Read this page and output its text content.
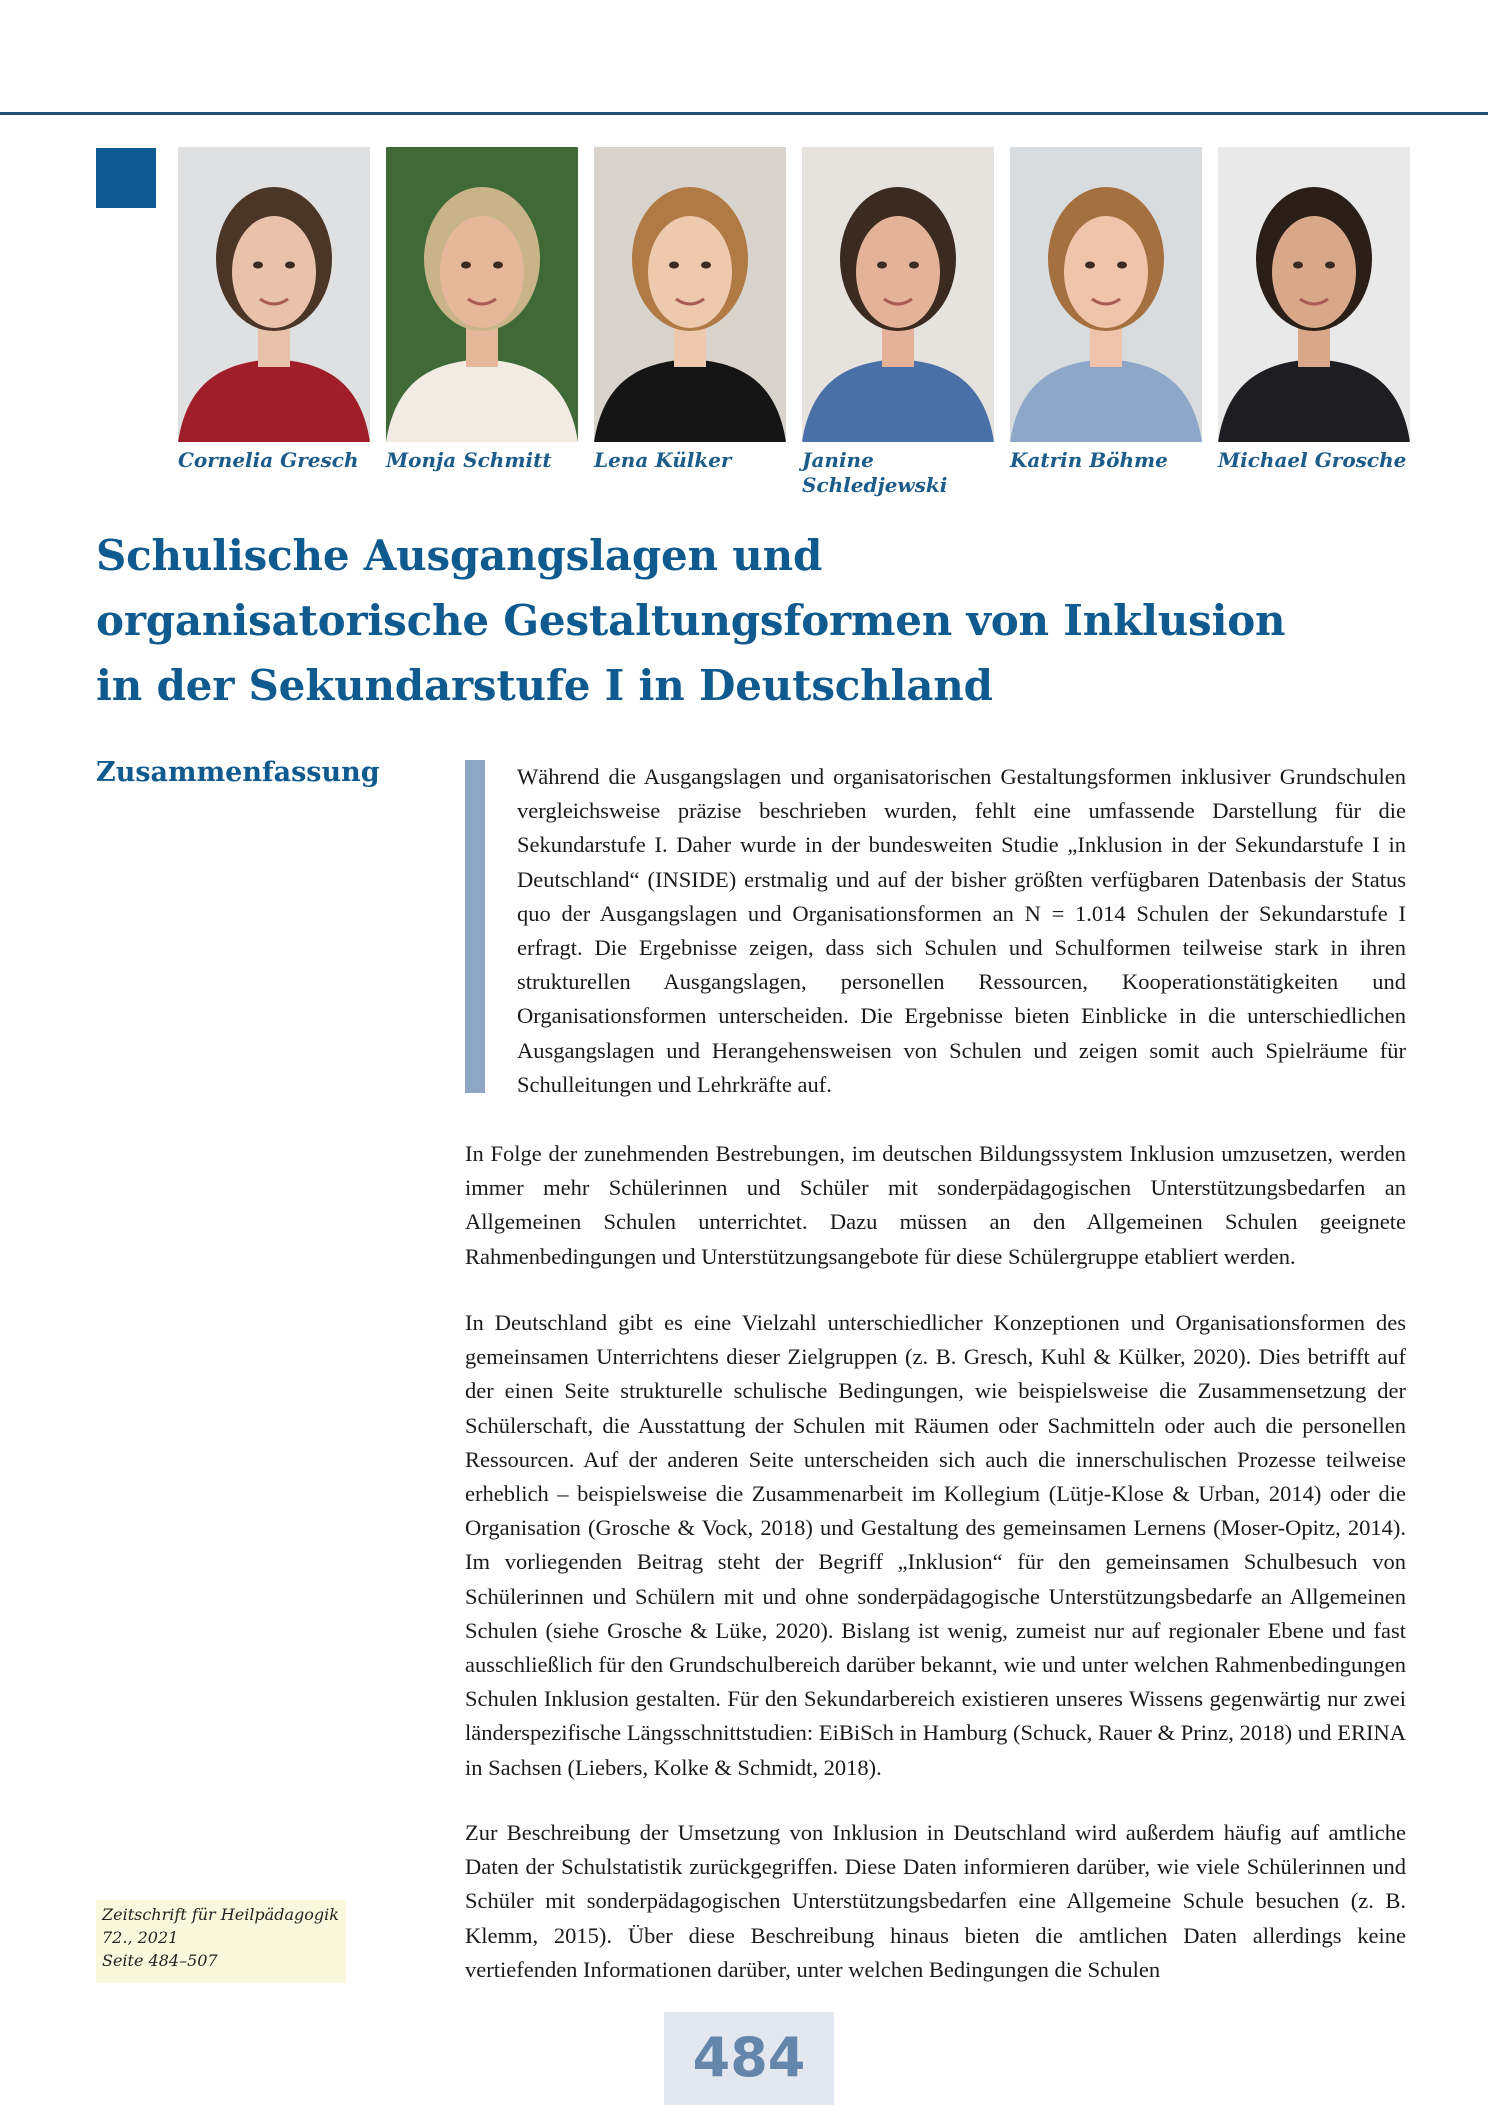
Cornelia Gresch	Monja Schmitt	Lena Külker	Janine
Schledjewski
Katrin Böhme	Michael Grosche
Schulische Ausgangslagen und
organisatorische Gestaltungsformen von Inklusion
in der Sekundarstufe I in Deutschland
Zusammenfassung	Während die Ausgangslagen und organisatorischen Gestaltungsformen inklusiver Grundschulen vergleichsweise präzise beschrieben wurden, fehlt eine umfassende Darstellung für die Sekundarstufe I. Daher wurde in der bundesweiten Studie „Inklusion in der Sekundarstufe I in Deutschland“ (INSIDE) erstmalig und auf der bisher größten verfügbaren Datenbasis der Status quo der Ausgangslagen und Organisationsformen an N = 1.014 Schulen der Sekundarstufe I erfragt. Die Ergebnisse zeigen, dass sich Schulen und Schulformen teilweise stark in ihren strukturellen Ausgangslagen, personellen Ressourcen, Kooperationstätigkeiten und Organisationsformen unterscheiden. Die Ergebnisse bieten Einblicke in die unterschiedlichen Ausgangslagen und Herangehensweisen von Schulen und zeigen somit auch Spielräume für Schulleitungen und Lehrkräfte auf.

In Folge der zunehmenden Bestrebungen, im deutschen Bildungssystem Inklusion umzusetzen, werden immer mehr Schülerinnen und Schüler mit sonderpädagogischen Unterstützungsbedarfen an Allgemeinen Schulen unterrichtet. Dazu müssen an den Allgemeinen Schulen geeignete Rahmenbedingungen und Unterstützungsangebote für diese Schülergruppe etabliert werden.

In Deutschland gibt es eine Vielzahl unterschiedlicher Konzeptionen und Organisationsformen des gemeinsamen Unterrichtens dieser Zielgruppen (z. B. Gresch, Kuhl & Külker, 2020). Dies betrifft auf der einen Seite strukturelle schulische Bedingungen, wie beispielsweise die Zusammensetzung der Schülerschaft, die Ausstattung der Schulen mit Räumen oder Sachmitteln oder auch die personellen Ressourcen. Auf der anderen Seite unterscheiden sich auch die innerschulischen Prozesse teilweise erheblich – beispielsweise die Zusammenarbeit im Kollegium (Lütje-Klose & Urban, 2014) oder die Organisation (Grosche & Vock, 2018) und Gestaltung des gemeinsamen Lernens (Moser-Opitz, 2014). Im vorliegenden Beitrag steht der Begriff „Inklusion“ für den gemeinsamen Schulbesuch von Schülerinnen und Schülern mit und ohne sonderpädagogische Unterstützungsbedarfe an Allgemeinen Schulen (siehe Grosche & Lüke, 2020). Bislang ist wenig, zumeist nur auf regionaler Ebene und fast ausschließlich für den Grundschulbereich darüber bekannt, wie und unter welchen Rahmenbedingungen Schulen Inklusion gestalten. Für den Sekundarbereich existieren unseres Wissens gegenwärtig nur zwei länderspezifische Längsschnittstudien: EiBiSch in Hamburg (Schuck, Rauer & Prinz, 2018) und ERINA in Sachsen (Liebers, Kolke & Schmidt, 2018).

Zur Beschreibung der Umsetzung von Inklusion in Deutschland wird außerdem häufig auf amtliche Daten der Schulstatistik zurückgegriffen. Diese Daten informieren darüber, wie viele Schülerinnen und Schüler mit sonderpädagogischen Unterstützungsbedarfen eine Allgemeine Schule besuchen (z. B. Klemm, 2015). Über diese Beschreibung hinaus bieten die amtlichen Daten allerdings keine vertiefenden Informationen darüber, unter welchen Bedingungen die Schulen

Zeitschrift für Heilpädagogik
72., 2021
Seite 484–507
484
